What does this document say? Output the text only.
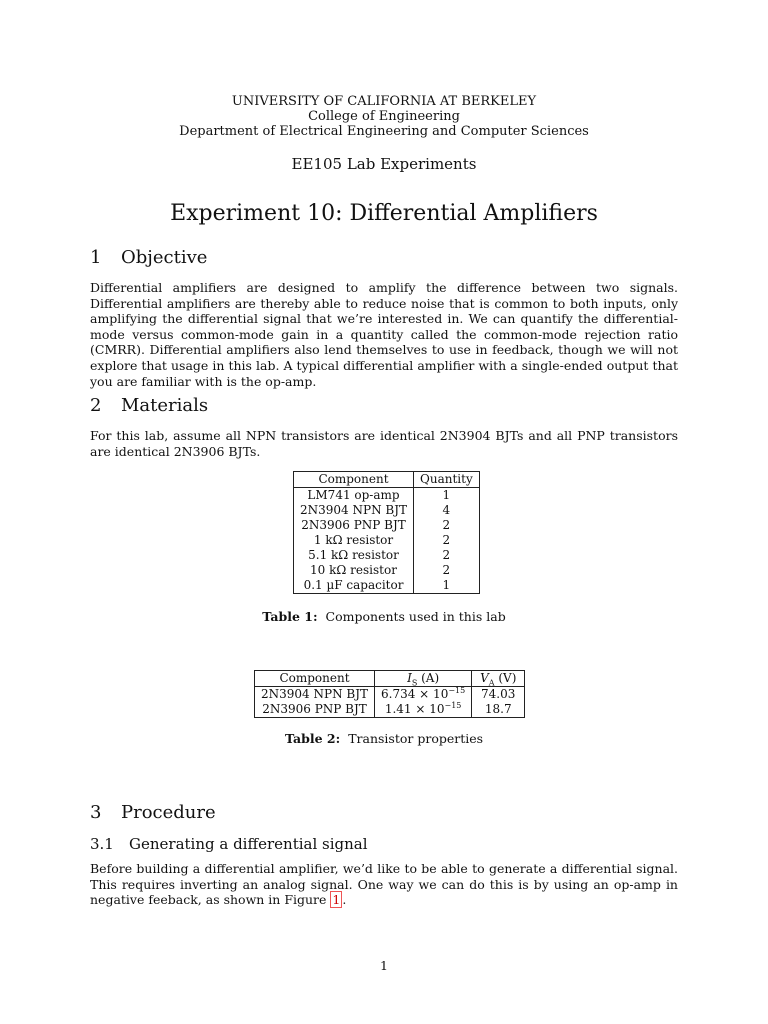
UNIVERSITY OF CALIFORNIA AT BERKELEY
College of Engineering
Department of Electrical Engineering and Computer Sciences
EE105 Lab Experiments
Experiment 10: Differential Amplifiers
1 Objective
Differential amplifiers are designed to amplify the difference between two signals. Differential amplifiers are thereby able to reduce noise that is common to both inputs, only amplifying the differential signal that we’re interested in. We can quantify the differential-mode versus common-mode gain in a quantity called the common-mode rejection ratio (CMRR). Differential amplifiers also lend themselves to use in feedback, though we will not explore that usage in this lab. A typical differential amplifier with a single-ended output that you are familiar with is the op-amp.
2 Materials
For this lab, assume all NPN transistors are identical 2N3904 BJTs and all PNP transistors are identical 2N3906 BJTs.
Component	Quantity
LM741 op-amp	1
2N3904 NPN BJT	4
2N3906 PNP BJT	2
1 kΩ resistor	2
5.1 kΩ resistor	2
10 kΩ resistor	2
0.1 µF capacitor	1
Table 1: Components used in this lab
Component	$I_S$ (A)	$V_A$ (V)
2N3904 NPN BJT	$6.734 \times 10^{-15}$	74.03
2N3906 PNP BJT	$1.41 \times 10^{-15}$	18.7
Table 2: Transistor properties
3 Procedure
3.1 Generating a differential signal
Before building a differential amplifier, we’d like to be able to generate a differential signal. This requires inverting an analog signal. One way we can do this is by using an op-amp in negative feeback, as shown in Figure 1 .
1
